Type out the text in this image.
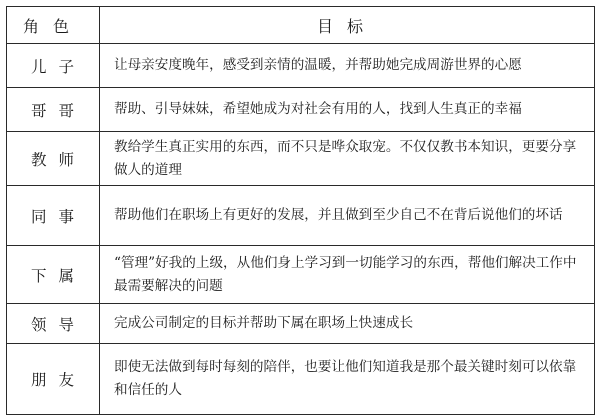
角色	目标
儿子	让母亲安度晚年，感受到亲情的温暖，并帮助她完成周游世界的心愿
哥哥	帮助、引导妹妹，希望她成为对社会有用的人，找到人生真正的幸福
教师	教给学生真正实用的东西，而不只是哗众取宠。不仅仅教书本知识，更要分享做人的道理
同事	帮助他们在职场上有更好的发展，并且做到至少自己不在背后说他们的坏话
下属	“管理”好我的上级，从他们身上学习到一切能学习的东西，帮他们解决工作中最需要解决的问题
领导	完成公司制定的目标并帮助下属在职场上快速成长
朋友	即使无法做到每时每刻的陪伴，也要让他们知道我是那个最关键时刻可以依靠和信任的人
